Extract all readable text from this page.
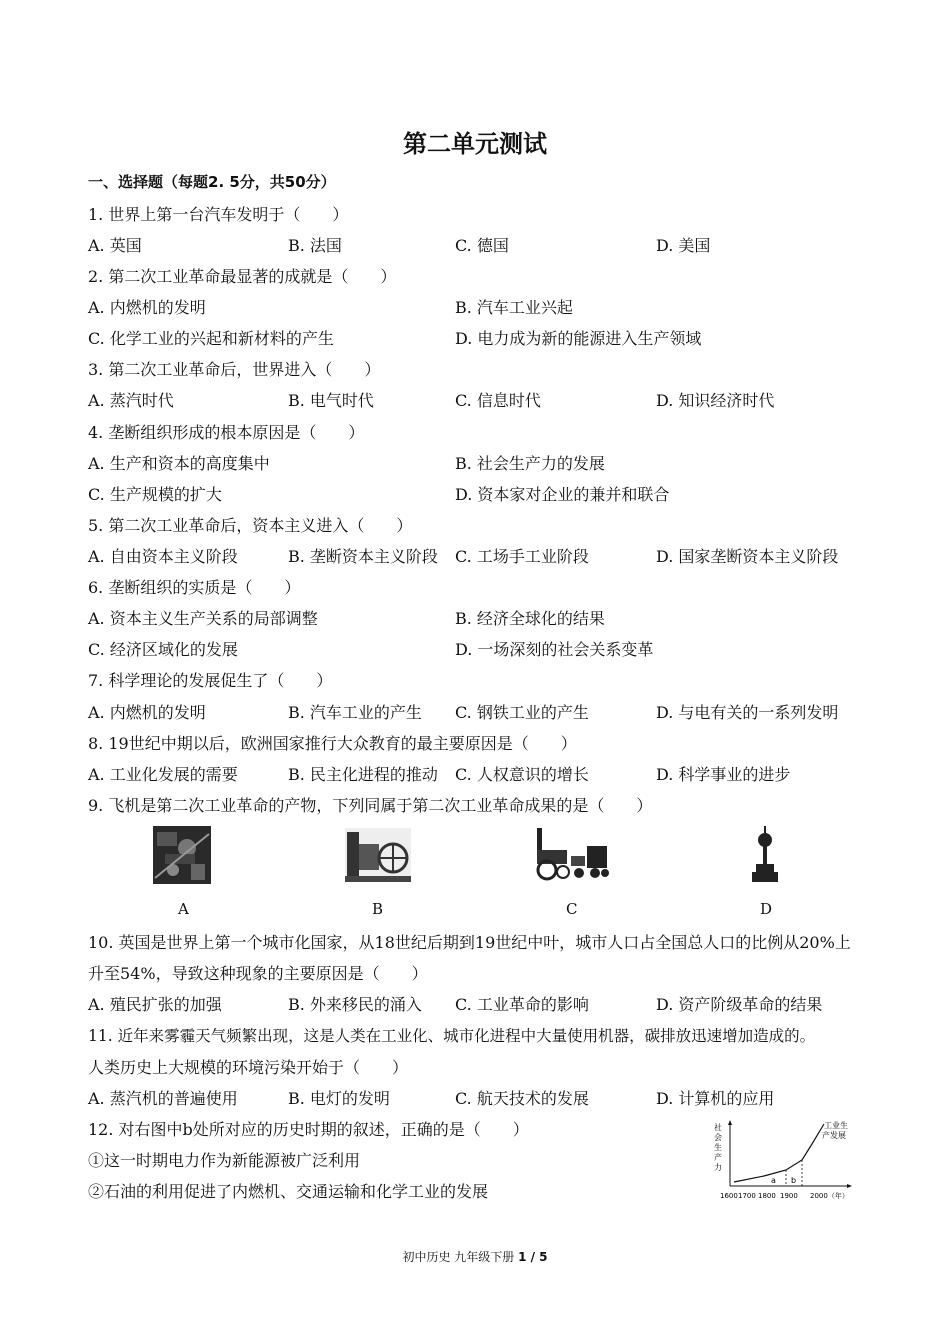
第二单元测试
一、选择题（每题2. 5分，共50分）
1. 世界上第一台汽车发明于（　　）
A. 英国	B. 法国	C. 德国	D. 美国
2. 第二次工业革命最显著的成就是（　　）
A. 内燃机的发明	B. 汽车工业兴起
C. 化学工业的兴起和新材料的产生	D. 电力成为新的能源进入生产领域
3. 第二次工业革命后，世界进入（　　）
A. 蒸汽时代	B. 电气时代	C. 信息时代	D. 知识经济时代
4. 垄断组织形成的根本原因是（　　）
A. 生产和资本的高度集中	B. 社会生产力的发展
C. 生产规模的扩大	D. 资本家对企业的兼并和联合
5. 第二次工业革命后，资本主义进入（　　）
A. 自由资本主义阶段	B. 垄断资本主义阶段 C. 工场手工业阶段	D. 国家垄断资本主义阶段
6. 垄断组织的实质是（　　）
A. 资本主义生产关系的局部调整	B. 经济全球化的结果
C. 经济区域化的发展	D. 一场深刻的社会关系变革
7. 科学理论的发展促生了（　　）
A. 内燃机的发明	B. 汽车工业的产生 C. 钢铁工业的产生	D. 与电有关的一系列发明
8. 19世纪中期以后，欧洲国家推行大众教育的最主要原因是（　　）
A. 工业化发展的需要	B. 民主化进程的推动 C. 人权意识的增长	D. 科学事业的进步
9. 飞机是第二次工业革命的产物，下列同属于第二次工业革命成果的是（　　）
A	B	C	D
10. 英国是世界上第一个城市化国家，从18世纪后期到19世纪中叶，城市人口占全国总人口的比例从20%上
升至54%，导致这种现象的主要原因是（　　）
A. 殖民扩张的加强	B. 外来移民的涌入 C. 工业革命的影响	D. 资产阶级革命的结果
11. 近年来雾霾天气频繁出现，这是人类在工业化、城市化进程中大量使用机器，碳排放迅速增加造成的。
人类历史上大规模的环境污染开始于（　　）
A. 蒸汽机的普遍使用	B. 电灯的发明	C. 航天技术的发展	D. 计算机的应用
12. 对右图中b处所对应的历史时期的叙述，正确的是（　　）
①这一时期电力作为新能源被广泛利用
②石油的利用促进了内燃机、交通运输和化学工业的发展
社
会
生
产
力
工业生
产发展
a b
1600 1700 1800 1900 2000（年）
初中历史 九年级下册 1 / 5
